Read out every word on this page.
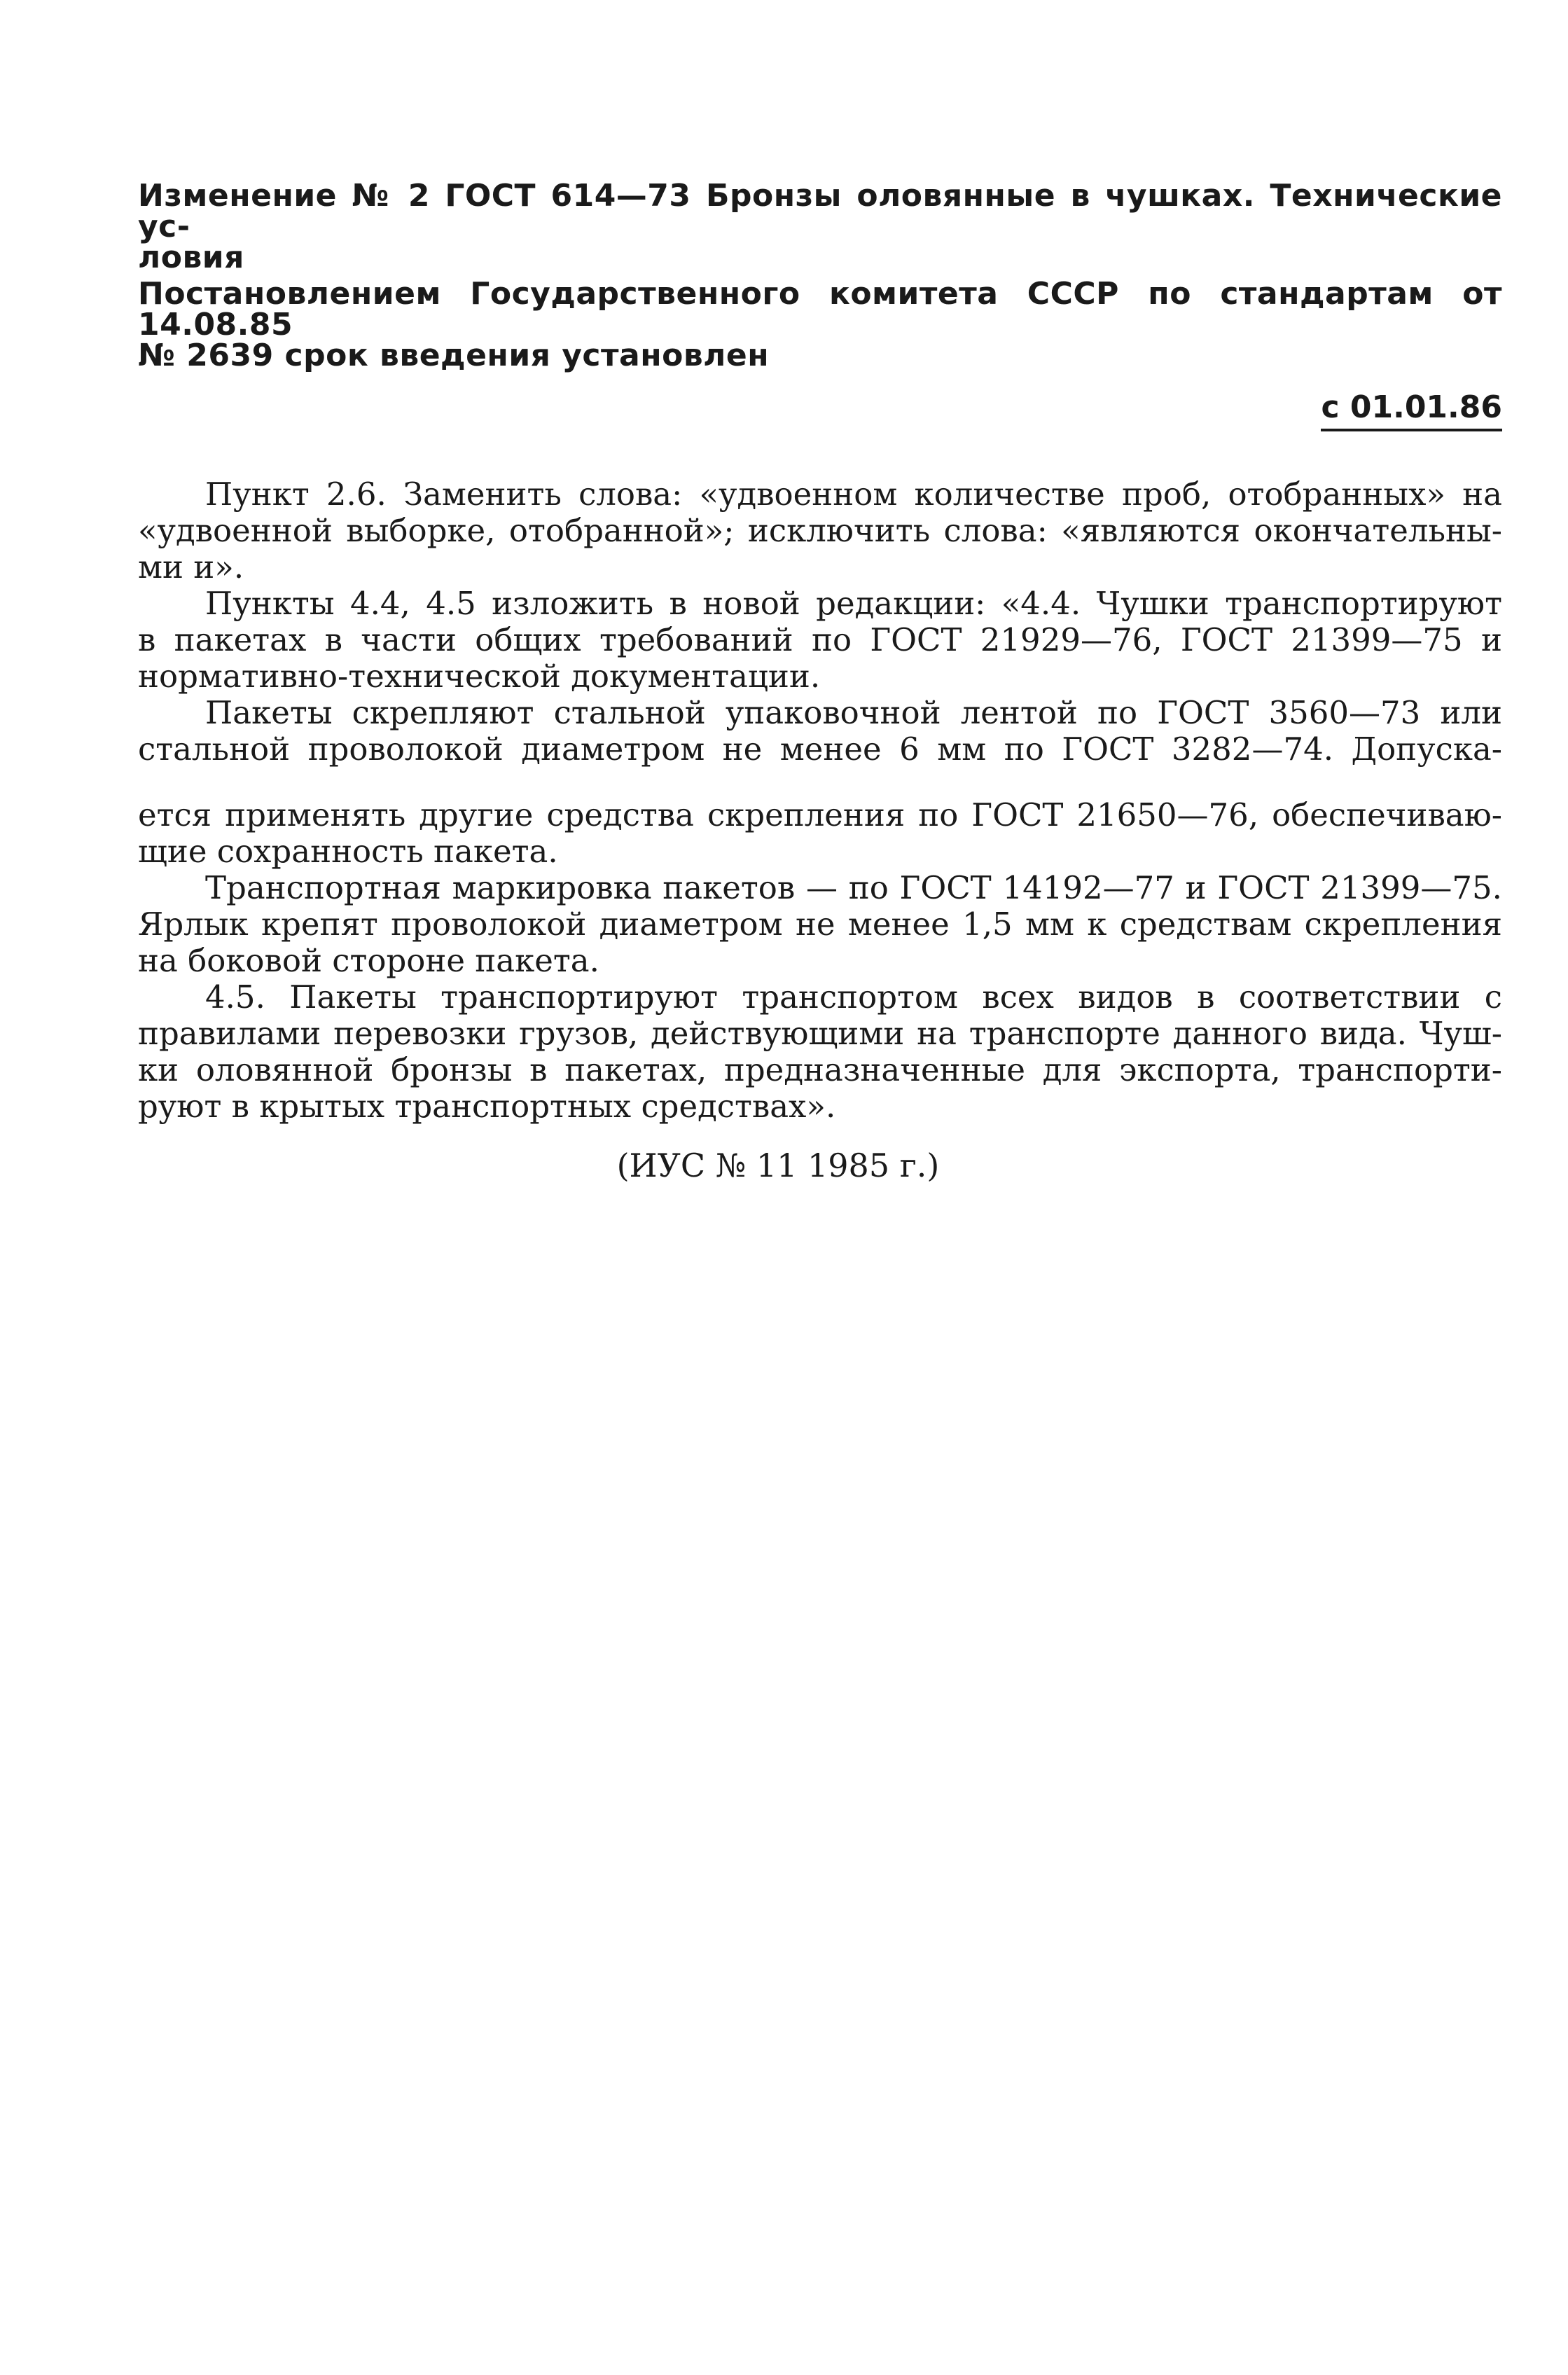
Изменение № 2 ГОСТ 614—73 Бронзы оловянные в чушках. Технические ус-
ловия
Постановлением Государственного комитета СССР по стандартам от 14.08.85
№ 2639 срок введения установлен
с 01.01.86
Пункт 2.6. Заменить слова: «удвоенном количестве проб, отобранных» на
«удвоенной выборке, отобранной»; исключить слова: «являются окончательны-
ми и».
Пункты 4.4, 4.5 изложить в новой редакции: «4.4. Чушки транспортируют
в пакетах в части общих требований по ГОСТ 21929—76, ГОСТ 21399—75 и
нормативно-технической документации.
Пакеты скрепляют стальной упаковочной лентой по ГОСТ 3560—73 или
стальной проволокой диаметром не менее 6 мм по ГОСТ 3282—74. Допуска-
ется применять другие средства скрепления по ГОСТ 21650—76, обеспечиваю-
щие сохранность пакета.
Транспортная маркировка пакетов — по ГОСТ 14192—77 и ГОСТ 21399—75.
Ярлык крепят проволокой диаметром не менее 1,5 мм к средствам скрепления
на боковой стороне пакета.
4.5. Пакеты транспортируют транспортом всех видов в соответствии с
правилами перевозки грузов, действующими на транспорте данного вида. Чуш-
ки оловянной бронзы в пакетах, предназначенные для экспорта, транспорти-
руют в крытых транспортных средствах».
(ИУС № 11 1985 г.)
